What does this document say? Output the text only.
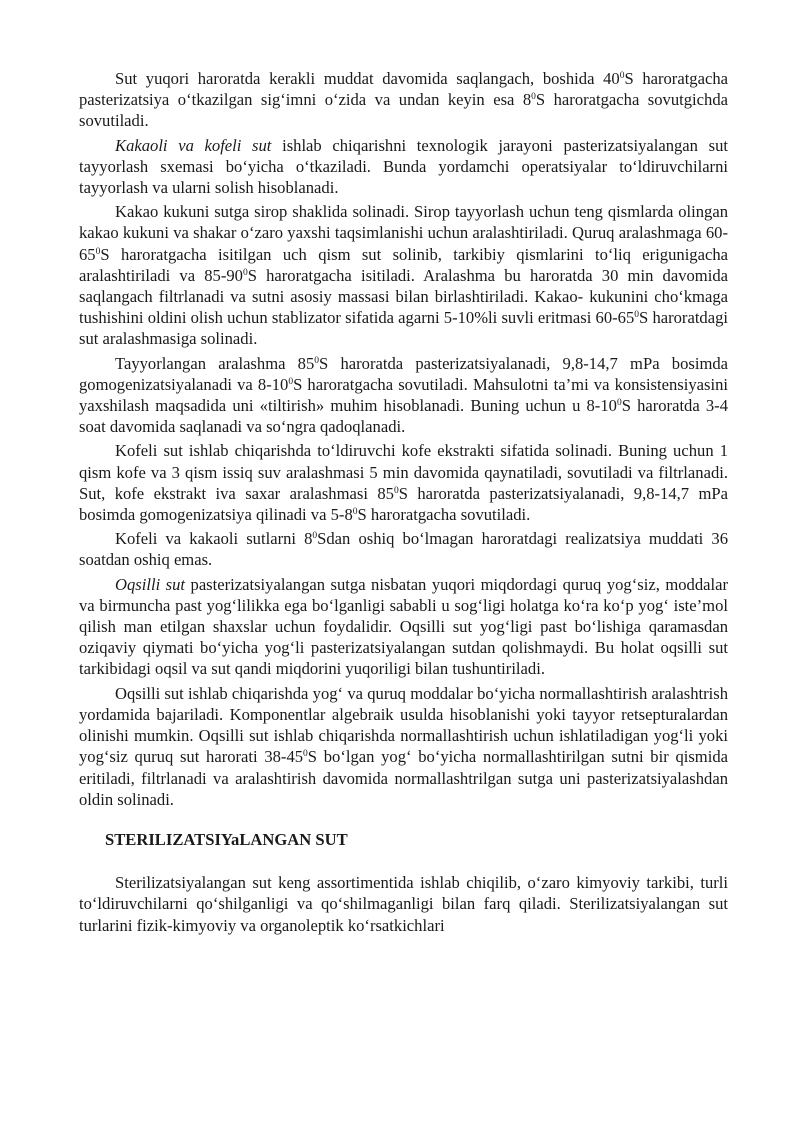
Sut yuqori haroratda kerakli muddat davomida saqlangach, boshida $40^0S$ haroratgacha pasterizatsiya o‘tkazilgan sig‘imni o‘zida va undan keyin esa $8^0S$ haroratgacha sovutgichda sovutiladi.

Kakaoli va kofeli sut ishlab chiqarishni texnologik jarayoni pasterizatsiyalangan sut tayyorlash sxemasi bo‘yicha o‘tkaziladi. Bunda yordamchi operatsiyalar to‘ldiruvchilarni tayyorlash va ularni solish hisoblanadi.

Kakao kukuni sutga sirop shaklida solinadi. Sirop tayyorlash uchun teng qismlarda olingan kakao kukuni va shakar o‘zaro yaxshi taqsimlanishi uchun aralashtiriladi. Quruq aralashmaga $60-65^0S$ haroratgacha isitilgan uch qism sut solinib, tarkibiy qismlarini to‘liq erigunigacha aralashtiriladi va $85-90^0S$ haroratgacha isitiladi. Aralashma bu haroratda 30 min davomida saqlangach filtrlanadi va sutni asosiy massasi bilan birlashtiriladi. Kakao- kukunini cho‘kmaga tushishini oldini olish uchun stablizator sifatida agarni 5-10%li suvli eritmasi $60-65^0S$ haroratdagi sut aralashmasiga solinadi.

Tayyorlangan aralashma $85^0S$ haroratda pasterizatsiyalanadi, 9,8-14,7 mPa bosimda gomogenizatsiyalanadi va $8-10^0S$ haroratgacha sovutiladi. Mahsulotni ta’mi va konsistensiyasini yaxshilash maqsadida uni «tiltirish» muhim hisoblanadi. Buning uchun u $8-10^0S$ haroratda 3-4 soat davomida saqlanadi va so‘ngra qadoqlanadi.

Kofeli sut ishlab chiqarishda to‘ldiruvchi kofe ekstrakti sifatida solinadi. Buning uchun 1 qism kofe va 3 qism issiq suv aralashmasi 5 min davomida qaynatiladi, sovutiladi va filtrlanadi. Sut, kofe ekstrakt iva saxar aralashmasi $85^0S$ haroratda pasterizatsiyalanadi, 9,8-14,7 mPa bosimda gomogenizatsiya qilinadi va $5-8^0S$ haroratgacha sovutiladi.

Kofeli va kakaoli sutlarni $8^0Sdan$ oshiq bo‘lmagan haroratdagi realizatsiya muddati 36 soatdan oshiq emas.

Oqsilli sut pasterizatsiyalangan sutga nisbatan yuqori miqdordagi quruq yog‘siz, moddalar va birmuncha past yog‘lilikka ega bo‘lganligi sababli u sog‘ligi holatga ko‘ra ko‘p yog‘ iste’mol qilish man etilgan shaxslar uchun foydalidir. Oqsilli sut yog‘ligi past bo‘lishiga qaramasdan oziqaviy qiymati bo‘yicha yog‘li pasterizatsiyalangan sutdan qolishmaydi. Bu holat oqsilli sut tarkibidagi oqsil va sut qandi miqdorini yuqoriligi bilan tushuntiriladi.

Oqsilli sut ishlab chiqarishda yog‘ va quruq moddalar bo‘yicha normallashtirish aralashtrish yordamida bajariladi. Komponentlar algebraik usulda hisoblanishi yoki tayyor retsepturalardan olinishi mumkin. Oqsilli sut ishlab chiqarishda normallashtirish uchun ishlatiladigan yog‘li yoki yog‘siz quruq sut harorati $38-45^0S$ bo‘lgan yog‘ bo‘yicha normallashtirilgan sutni bir qismida eritiladi, filtrlanadi va aralashtirish davomida normallashtrilgan sutga uni pasterizatsiyalashdan oldin solinadi.

STERILIZATSIYaLANGAN SUT

Sterilizatsiyalangan sut keng assortimentida ishlab chiqilib, o‘zaro kimyoviy tarkibi, turli to‘ldiruvchilarni qo‘shilganligi va qo‘shilmaganligi bilan farq qiladi. Sterilizatsiyalangan sut turlarini fizik-kimyoviy va organoleptik ko‘rsatkichlari
